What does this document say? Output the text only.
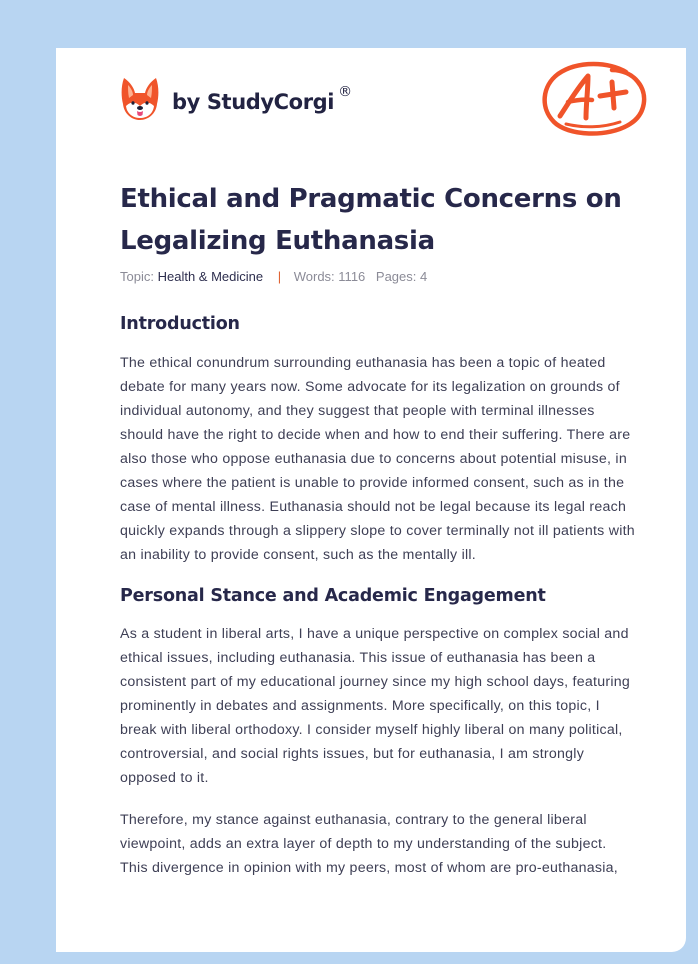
by StudyCorgi ®
Ethical and Pragmatic Concerns on Legalizing Euthanasia
Topic: Health & Medicine | Words: 1116 Pages: 4
Introduction

The ethical conundrum surrounding euthanasia has been a topic of heated debate for many years now. Some advocate for its legalization on grounds of individual autonomy, and they suggest that people with terminal illnesses should have the right to decide when and how to end their suffering. There are also those who oppose euthanasia due to concerns about potential misuse, in cases where the patient is unable to provide informed consent, such as in the case of mental illness. Euthanasia should not be legal because its legal reach quickly expands through a slippery slope to cover terminally not ill patients with an inability to provide consent, such as the mentally ill.

Personal Stance and Academic Engagement

As a student in liberal arts, I have a unique perspective on complex social and ethical issues, including euthanasia. This issue of euthanasia has been a consistent part of my educational journey since my high school days, featuring prominently in debates and assignments. More specifically, on this topic, I break with liberal orthodoxy. I consider myself highly liberal on many political, controversial, and social rights issues, but for euthanasia, I am strongly opposed to it.

Therefore, my stance against euthanasia, contrary to the general liberal viewpoint, adds an extra layer of depth to my understanding of the subject. This divergence in opinion with my peers, most of whom are pro-euthanasia,
